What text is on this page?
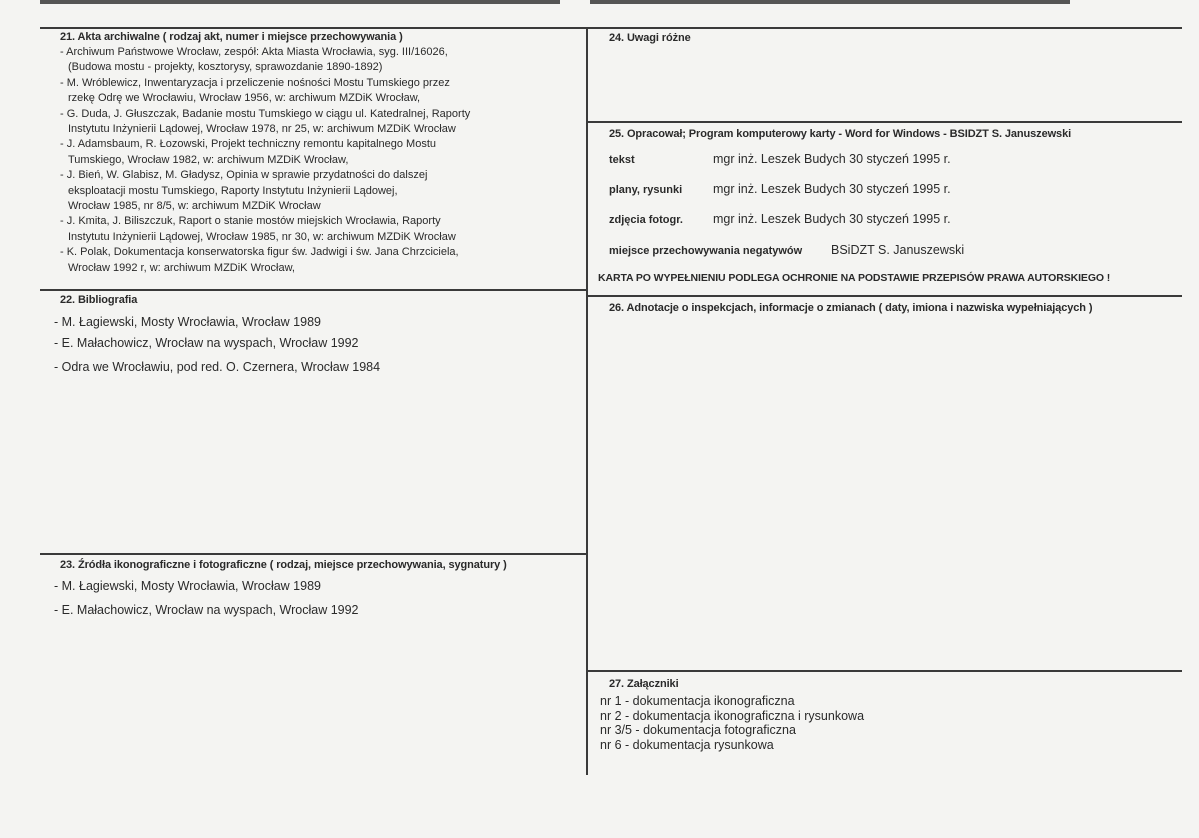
21. Akta archiwalne ( rodzaj akt, numer i miejsce przechowywania )
- Archiwum Państwowe Wrocław, zespół: Akta Miasta Wrocławia, syg. III/16026,
(Budowa mostu - projekty, kosztorysy, sprawozdanie 1890-1892)
- M. Wróblewicz, Inwentaryzacja i przeliczenie nośności Mostu Tumskiego przez
rzekę Odrę we Wrocławiu, Wrocław 1956, w: archiwum MZDiK Wrocław,
- G. Duda, J. Głuszczak, Badanie mostu Tumskiego w ciągu ul. Katedralnej, Raporty
Instytutu Inżynierii Lądowej, Wrocław 1978, nr 25, w: archiwum MZDiK Wrocław
- J. Adamsbaum, R. Łozowski, Projekt techniczny remontu kapitalnego Mostu
Tumskiego, Wrocław 1982, w: archiwum MZDiK Wrocław,
- J. Bień, W. Glabisz, M. Gładysz, Opinia w sprawie przydatności do dalszej
eksploatacji mostu Tumskiego, Raporty Instytutu Inżynierii Lądowej,
Wrocław 1985, nr 8/5, w: archiwum MZDiK Wrocław
- J. Kmita, J. Biliszczuk, Raport o stanie mostów miejskich Wrocławia, Raporty
Instytutu Inżynierii Lądowej, Wrocław 1985, nr 30, w: archiwum MZDiK Wrocław
- K. Polak, Dokumentacja konserwatorska figur św. Jadwigi i św. Jana Chrzciciela,
Wrocław 1992 r, w: archiwum MZDiK Wrocław,
22. Bibliografia
- M. Łagiewski, Mosty Wrocławia, Wrocław 1989
- E. Małachowicz, Wrocław na wyspach, Wrocław 1992
- Odra we Wrocławiu, pod red. O. Czernera, Wrocław 1984
23. Źródła ikonograficzne i fotograficzne ( rodzaj, miejsce przechowywania, sygnatury )
- M. Łagiewski, Mosty Wrocławia, Wrocław 1989
- E. Małachowicz, Wrocław na wyspach, Wrocław 1992
24. Uwagi różne
25. Opracował; Program komputerowy karty - Word for Windows - BSIDZT S. Januszewski
tekst	mgr inż. Leszek Budych 30 styczeń 1995 r.
plany, rysunki mgr inż. Leszek Budych 30 styczeń 1995 r.
zdjęcia fotogr. mgr inż. Leszek Budych 30 styczeń 1995 r.
miejsce przechowywania negatywów BSiDZT S. Januszewski
KARTA PO WYPEŁNIENIU PODLEGA OCHRONIE NA PODSTAWIE PRZEPISÓW PRAWA AUTORSKIEGO !
26. Adnotacje o inspekcjach, informacje o zmianach ( daty, imiona i nazwiska wypełniających )
27. Załączniki
nr 1 - dokumentacja ikonograficzna
nr 2 - dokumentacja ikonograficzna i rysunkowa
nr 3/5 - dokumentacja fotograficzna
nr 6 - dokumentacja rysunkowa
